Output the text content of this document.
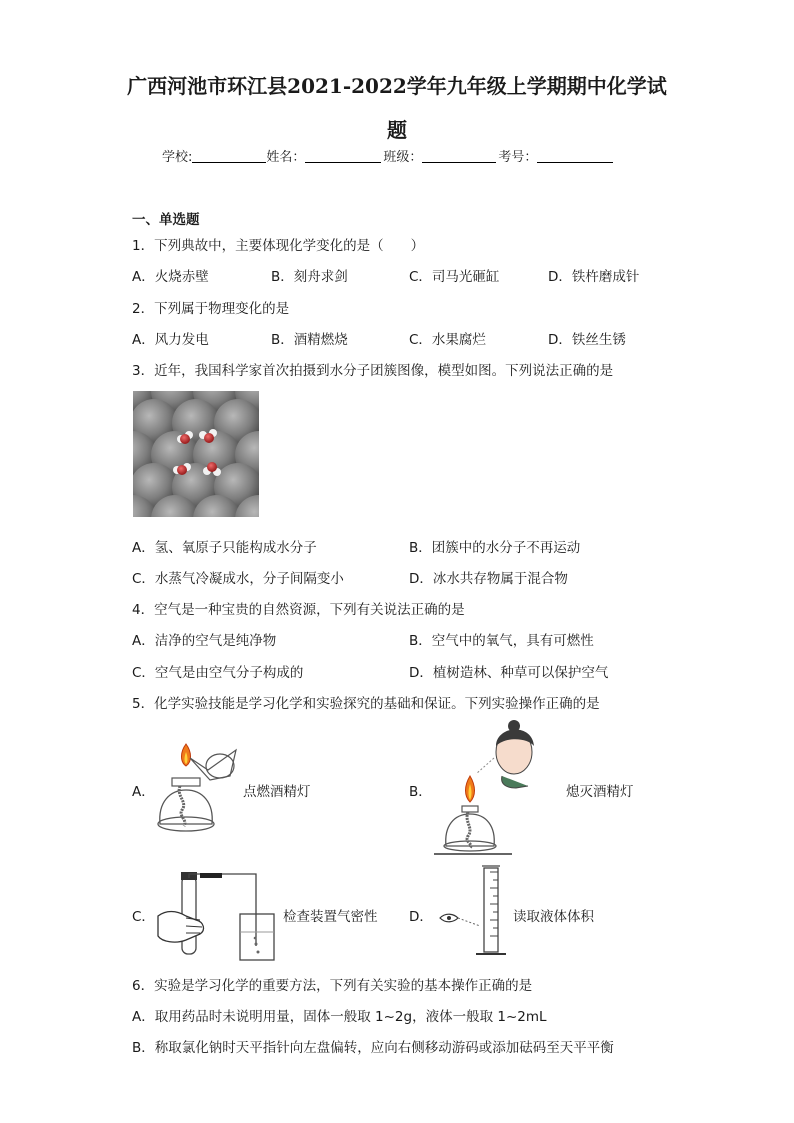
广西河池市环江县2021-2022学年九年级上学期期中化学试
题
学校:	姓名：	班级：	考号：
一、单选题
1．下列典故中，主要体现化学变化的是（　　）
A．火烧赤壁	B．刻舟求剑	C．司马光砸缸	D．铁杵磨成针
2．下列属于物理变化的是
A．风力发电	B．酒精燃烧	C．水果腐烂	D．铁丝生锈
3．近年，我国科学家首次拍摄到水分子团簇图像，模型如图。下列说法正确的是
A．氢、氧原子只能构成水分子	B．团簇中的水分子不再运动
C．水蒸气冷凝成水，分子间隔变小	D．冰水共存物属于混合物
4．空气是一种宝贵的自然资源，下列有关说法正确的是
A．洁净的空气是纯净物	B．空气中的氧气，具有可燃性
C．空气是由空气分子构成的	D．植树造林、种草可以保护空气
5．化学实验技能是学习化学和实验探究的基础和保证。下列实验操作正确的是
A．	点燃酒精灯	B．	熄灭酒精灯
C．	检查装置气密性 D．	读取液体体积
6．实验是学习化学的重要方法，下列有关实验的基本操作正确的是
A．取用药品时未说明用量，固体一般取 1~2g，液体一般取 1~2mL
B．称取氯化钠时天平指针向左盘偏转，应向右侧移动游码或添加砝码至天平平衡
